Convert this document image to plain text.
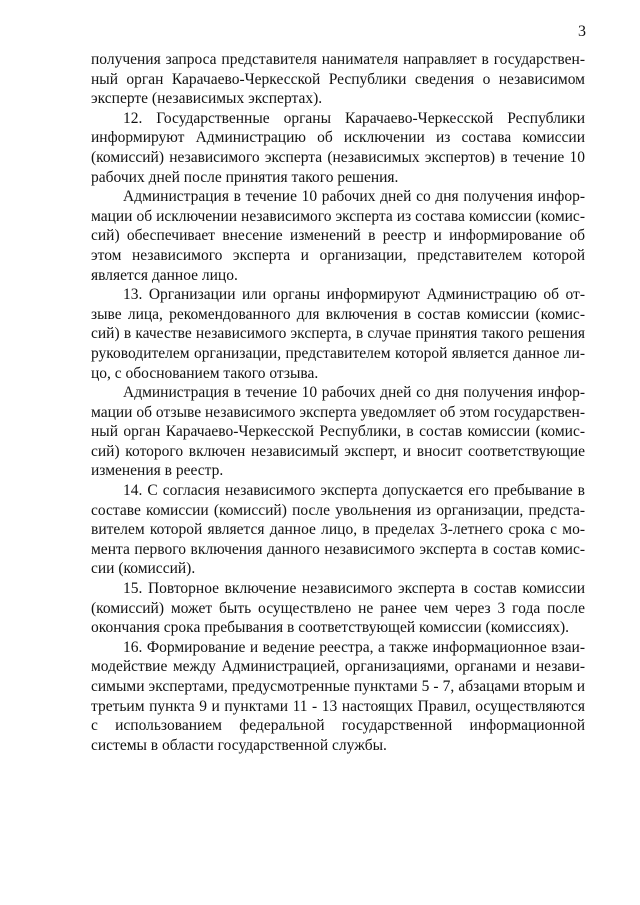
3

получения запроса представителя нанимателя направляет в государственный орган Карачаево-Черкесской Республики сведения о независимом эксперте (независимых экспертах).

12. Государственные органы Карачаево-Черкесской Республики информируют Администрацию об исключении из состава комиссии (комиссий) независимого эксперта (независимых экспертов) в течение 10 рабочих дней после принятия такого решения.

Администрация в течение 10 рабочих дней со дня получения информации об исключении независимого эксперта из состава комиссии (комиссий) обеспечивает внесение изменений в реестр и информирование об этом независимого эксперта и организации, представителем которой является данное лицо.

13. Организации или органы информируют Администрацию об отзыве лица, рекомендованного для включения в состав комиссии (комиссий) в качестве независимого эксперта, в случае принятия такого решения руководителем организации, представителем которой является данное лицо, с обоснованием такого отзыва.

Администрация в течение 10 рабочих дней со дня получения информации об отзыве независимого эксперта уведомляет об этом государственный орган Карачаево-Черкесской Республики, в состав комиссии (комиссий) которого включен независимый эксперт, и вносит соответствующие изменения в реестр.

14. С согласия независимого эксперта допускается его пребывание в составе комиссии (комиссий) после увольнения из организации, представителем которой является данное лицо, в пределах 3-летнего срока с момента первого включения данного независимого эксперта в состав комиссии (комиссий).

15. Повторное включение независимого эксперта в состав комиссии (комиссий) может быть осуществлено не ранее чем через 3 года после окончания срока пребывания в соответствующей комиссии (комиссиях).

16. Формирование и ведение реестра, а также информационное взаимодействие между Администрацией, организациями, органами и независимыми экспертами, предусмотренные пунктами 5 - 7, абзацами вторым и третьим пункта 9 и пунктами 11 - 13 настоящих Правил, осуществляются с использованием федеральной государственной информационной системы в области государственной службы.
